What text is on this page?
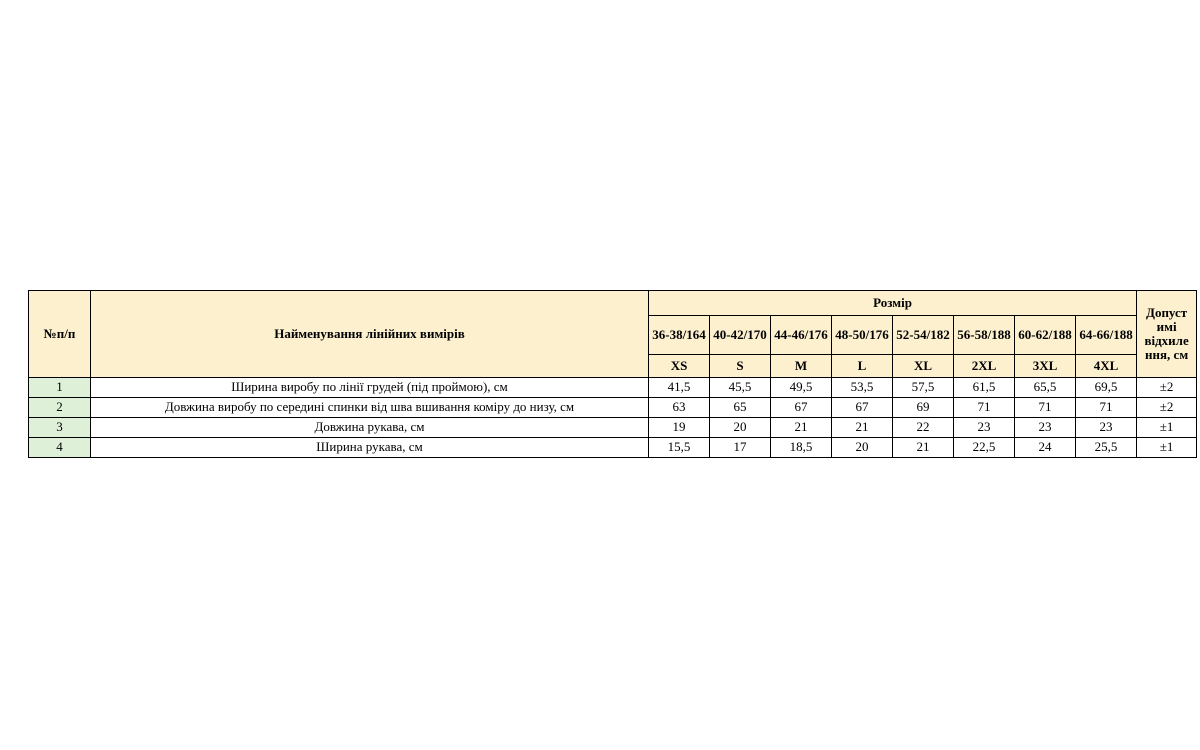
№п/п	Найменування лінійних вимірів	Розмір								Допуст имі відхиле ння, см
		36-38/164	40-42/170	44-46/176	48-50/176	52-54/182	56-58/188	60-62/188	64-66/188	
		XS	S	M	L	XL	2XL	3XL	4XL	
1	Ширина виробу по лінії грудей (під проймою), см	41,5	45,5	49,5	53,5	57,5	61,5	65,5	69,5	±2
2	Довжина виробу по середині спинки від шва вшивання коміру до низу, см	63	65	67	67	69	71	71	71	±2
3	Довжина рукава, см	19	20	21	21	22	23	23	23	±1
4	Ширина рукава, см	15,5	17	18,5	20	21	22,5	24	25,5	±1
